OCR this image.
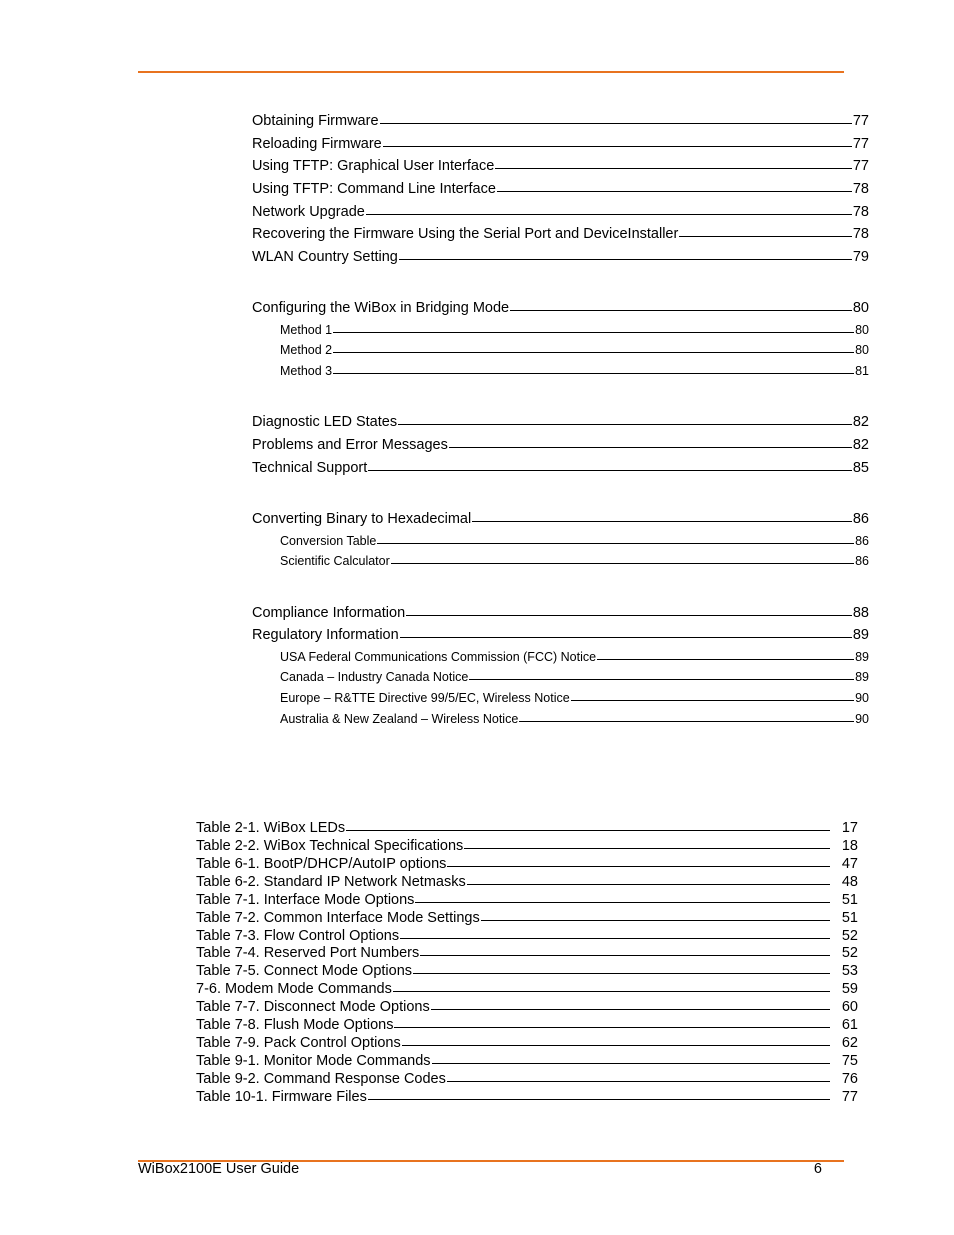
Obtaining Firmware	77
Reloading Firmware	77
Using TFTP: Graphical User Interface	77
Using TFTP: Command Line Interface	78
Network Upgrade	78
Recovering the Firmware Using the Serial Port and DeviceInstaller	78
WLAN Country Setting	79
Configuring the WiBox in Bridging Mode	80
Method 1	80
Method 2	80
Method 3	81
Diagnostic LED States	82
Problems and Error Messages	82
Technical Support	85
Converting Binary to Hexadecimal	86
Conversion Table	86
Scientific Calculator	86
Compliance Information	88
Regulatory Information	89
USA Federal Communications Commission (FCC) Notice	89
Canada – Industry Canada Notice	89
Europe – R&TTE Directive 99/5/EC, Wireless Notice	90
Australia & New Zealand – Wireless Notice	90
Table 2-1. WiBox LEDs	17
Table 2-2. WiBox Technical Specifications	18
Table 6-1. BootP/DHCP/AutoIP options	47
Table 6-2. Standard IP Network Netmasks	48
Table 7-1. Interface Mode Options	51
Table 7-2. Common Interface Mode Settings	51
Table 7-3. Flow Control Options	52
Table 7-4. Reserved Port Numbers	52
Table 7-5. Connect Mode Options	53
7-6. Modem Mode Commands	59
Table 7-7. Disconnect Mode Options	60
Table 7-8. Flush Mode Options	61
Table 7-9. Pack Control Options	62
Table 9-1. Monitor Mode Commands	75
Table 9-2. Command Response Codes	76
Table 10-1. Firmware Files	77
WiBox2100E User Guide	6
